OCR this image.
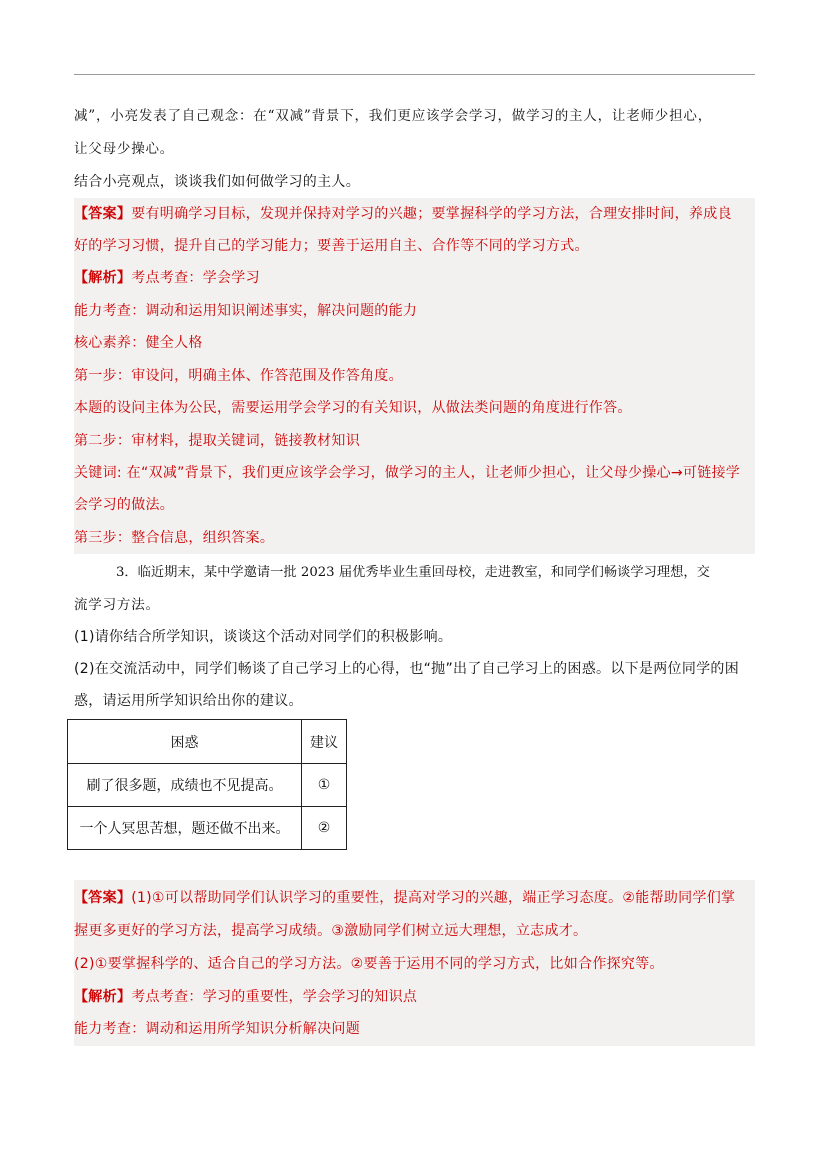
减”，小亮发表了自己观念：在“双减”背景下，我们更应该学会学习，做学习的主人，让老师少担心，
让父母少操心。
结合小亮观点，谈谈我们如何做学习的主人。
【答案】要有明确学习目标，发现并保持对学习的兴趣；要掌握科学的学习方法，合理安排时间，养成良
好的学习习惯，提升自己的学习能力；要善于运用自主、合作等不同的学习方式。
【解析】考点考查：学会学习
能力考查：调动和运用知识阐述事实，解决问题的能力
核心素养：健全人格
第一步：审设问，明确主体、作答范围及作答角度。
本题的设问主体为公民，需要运用学会学习的有关知识，从做法类问题的角度进行作答。
第二步：审材料，提取关键词，链接教材知识
关键词: 在“双减”背景下，我们更应该学会学习，做学习的主人，让老师少担心，让父母少操心→可链接学
会学习的做法。
第三步：整合信息，组织答案。
3．临近期末，某中学邀请一批 2023 届优秀毕业生重回母校，走进教室，和同学们畅谈学习理想，交
流学习方法。
(1)请你结合所学知识，谈谈这个活动对同学们的积极影响。
(2)在交流活动中，同学们畅谈了自己学习上的心得，也“抛”出了自己学习上的困惑。以下是两位同学的困
惑，请运用所学知识给出你的建议。
困惑	建议
刷了很多题，成绩也不见提高。	①
一个人冥思苦想，题还做不出来。	②
【答案】(1)①可以帮助同学们认识学习的重要性，提高对学习的兴趣，端正学习态度。②能帮助同学们掌
握更多更好的学习方法，提高学习成绩。③激励同学们树立远大理想，立志成才。
(2)①要掌握科学的、适合自己的学习方法。②要善于运用不同的学习方式，比如合作探究等。
【解析】考点考查：学习的重要性，学会学习的知识点
能力考查：调动和运用所学知识分析解决问题
